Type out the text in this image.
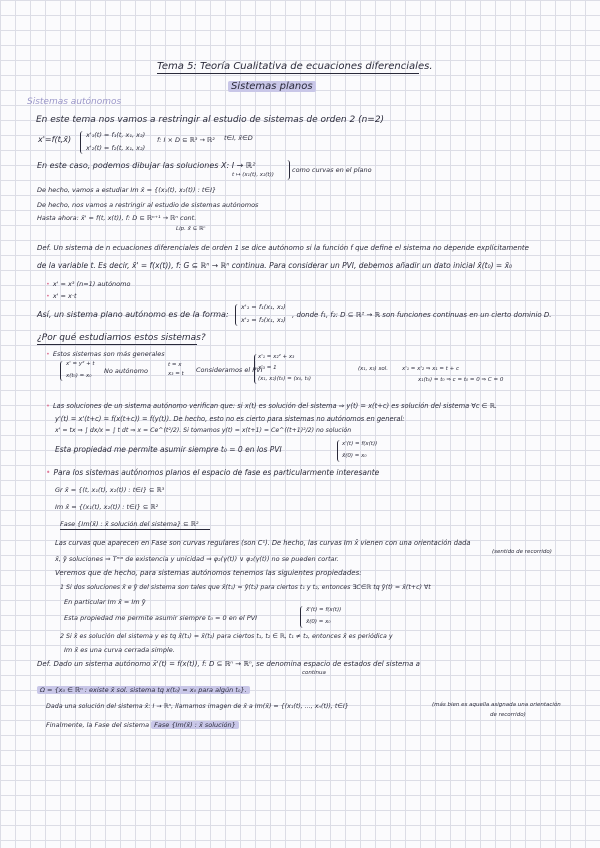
Tema 5: Teoría Cualitativa de ecuaciones diferenciales.
Sistemas planos
Sistemas autónomos
En este tema nos vamos a restringir al estudio de sistemas de orden 2 (n=2)
x'=f(t,x̄) x'₁(t) = f₁(t, x₁, x₂)
x'₂(t) = f₂(t, x₁, x₂)
f: I × D ⊆ ℝ³ → ℝ² t∈I, x̄∈D
En este caso, podemos dibujar las soluciones X: I → ℝ²
t ↦ (x₁(t), x₂(t))
como curvas en el plano
De hecho, vamos a estudiar Im x̄ = {(x₁(t), x₂(t)) : t∈I}
De hecho, nos vamos a restringir al estudio de sistemas autónomos
Hasta ahora: x̄' = f(t, x(t)), f: D ⊆ ℝⁿ⁺¹ → ℝⁿ cont.
Lip. x̄ ⊆ ℝⁿ
Def. Un sistema de n ecuaciones diferenciales de orden 1 se dice autónomo si la función f que define el sistema no depende explícitamente
de la variable t. Es decir, x̄' = f(x(t)), f: G ⊆ ℝⁿ → ℝⁿ continua. Para considerar un PVI, debemos añadir un dato inicial x̄(t₀) = x̄₀
• x' = x³ (n=1) autónomo
• x' = x·t
Así, un sistema plano autónomo es de la forma:
x'₁ = f₁(x₁, x₂)
x'₂ = f₂(x₁, x₂)
, donde f₁, f₂: D ⊆ ℝ² → ℝ son funciones continuas en un cierto dominio D.
¿Por qué estudiamos estos sistemas?
• Estos sistemas son más generales
x' = y² + t
x(t₀) = x₀
No autónomo
t = x
x₃ = t Consideramos el PVI
x'₁ = x₂² + x₃
x'₃ = 1
(x₁, x₂)(t₀) = (x₀, t₀)
(x₁, x₃) sol.	x'₁ = x'₂ ⇒ x₁ = t + c
x₁(t₀) = t₀ ⇒ c = t₀ = 0 ⇒ C = 0
• Las soluciones de un sistema autónomo verifican que: si x(t) es solución del sistema ⇒ y(t) = x(t+c) es solución del sistema ∀c ∈ ℝ.
y'(t) = x'(t+c) = f(x(t+c)) = f(y(t)). De hecho, esto no es cierto para sistemas no autónomos en general:
x' = tx ⇒ ∫ dx/x = ∫ t dt ⇒ x = Ce^(t²/2). Si tomamos y(t) = x(t+1) = Ce^((t+1)²/2) no solución
Esta propiedad me permite asumir siempre t₀ = 0 en los PVI
x'(t) = f(x(t))
x̄(0) = x₀
• Para los sistemas autónomos planos el espacio de fase es particularmente interesante
Gr x̄ = {(t, x₁(t), x₂(t)) : t∈I} ⊆ ℝ³
Im x̄ = {(x₁(t), x₂(t)) : t∈I} ⊆ ℝ²
Fase {Im(x̄) : x̄ solución del sistema} ⊆ ℝ²
Las curvas que aparecen en Fase son curvas regulares (son C¹). De hecho, las curvas Im x̄ vienen con una orientación dada
x̄, ỹ soluciones ⇒ Tᵐᵃ de existencia y unicidad ⇒ φ₂(γ(t)) ∨ φ₂(γ(t)) no se pueden cortar.
(sentido de recorrido)
Veremos que de hecho, para sistemas autónomos tenemos las siguientes propiedades:
1 Si dos soluciones x̄ e ỹ del sistema son tales que x̄(t₁) = ỹ(t₂) para ciertos t₁ y t₂, entonces ∃C∈ℝ tq ỹ(t) = x̄(t+c) ∀t
En particular Im x̄ = Im ỹ
Esta propiedad me permite asumir siempre t₀ = 0 en el PVI
x̄'(t) = f(x(t))
x̄(0) = x₀
2 Si x̄ es solución del sistema y es tq x̄(t₁) = x̄(t₂) para ciertos t₁, t₂ ∈ ℝ, t₁ ≠ t₂, entonces x̄ es periódica y
Im x̄ es una curva cerrada simple.
Def. Dado un sistema autónomo x̄'(t) = f(x(t)), f: D ⊆ ℝⁿ → ℝⁿ, se denomina espacio de estados del sistema a
continua
Ω = {x₀ ∈ ℝⁿ : existe x̄ sol. sistema tq x(t₀) = x₀ para algún t₀}.
Dada una solución del sistema x̄: I → ℝⁿ, llamamos imagen de x̄ a Im(x̄) = {(x₁(t), ..., xₙ(t)), t∈I}	(más bien es aquella asignada una orientación
de recorrido)
Finalmente, la Fase del sistema Fase {Im(x̄) : x̄ solución}
